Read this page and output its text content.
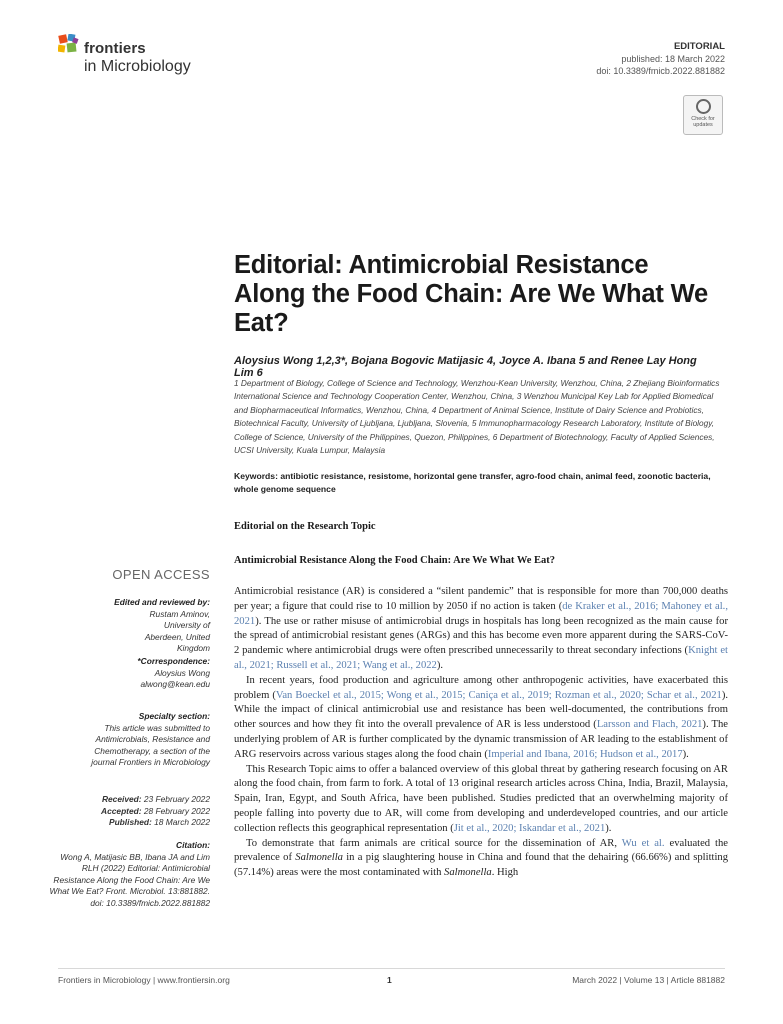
frontiers
in Microbiology
EDITORIAL
published: 18 March 2022
doi: 10.3389/fmicb.2022.881882
Check for updates
Editorial: Antimicrobial Resistance Along the Food Chain: Are We What We Eat?
Aloysius Wong 1,2,3*, Bojana Bogovic Matijasic 4, Joyce A. Ibana 5 and Renee Lay Hong Lim 6
1 Department of Biology, College of Science and Technology, Wenzhou-Kean University, Wenzhou, China, 2 Zhejiang Bioinformatics International Science and Technology Cooperation Center, Wenzhou, China, 3 Wenzhou Municipal Key Lab for Applied Biomedical and Biopharmaceutical Informatics, Wenzhou, China, 4 Department of Animal Science, Institute of Dairy Science and Probiotics, Biotechnical Faculty, University of Ljubljana, Ljubljana, Slovenia, 5 Immunopharmacology Research Laboratory, Institute of Biology, College of Science, University of the Philippines, Quezon, Philippines, 6 Department of Biotechnology, Faculty of Applied Sciences, UCSI University, Kuala Lumpur, Malaysia
Keywords: antibiotic resistance, resistome, horizontal gene transfer, agro-food chain, animal feed, zoonotic bacteria, whole genome sequence
Editorial on the Research Topic
Antimicrobial Resistance Along the Food Chain: Are We What We Eat?
OPEN ACCESS
Edited and reviewed by:
Rustam Aminov, University of Aberdeen, United Kingdom
*Correspondence:
Aloysius Wong
alwong@kean.edu
Specialty section:
This article was submitted to Antimicrobials, Resistance and Chemotherapy, a section of the journal Frontiers in Microbiology
Received: 23 February 2022
Accepted: 28 February 2022
Published: 18 March 2022
Citation:
Wong A, Matijasic BB, Ibana JA and Lim RLH (2022) Editorial: Antimicrobial Resistance Along the Food Chain: Are We What We Eat? Front. Microbiol. 13:881882. doi: 10.3389/fmicb.2022.881882

Antimicrobial resistance (AR) is considered a “silent pandemic” that is responsible for more than 700,000 deaths per year; a figure that could rise to 10 million by 2050 if no action is taken (de Kraker et al., 2016; Mahoney et al., 2021). The use or rather misuse of antimicrobial drugs in hospitals has long been recognized as the main cause for the spread of antimicrobial resistant genes (ARGs) and this has become even more apparent during the SARS-CoV-2 pandemic where antimicrobial drugs were often prescribed unnecessarily to threat secondary infections (Knight et al., 2021; Russell et al., 2021; Wang et al., 2022).

In recent years, food production and agriculture among other anthropogenic activities, have exacerbated this problem (Van Boeckel et al., 2015; Wong et al., 2015; Caniça et al., 2019; Rozman et al., 2020; Schar et al., 2021). While the impact of clinical antimicrobial use and resistance has been well-documented, the contributions from other sources and how they fit into the overall prevalence of AR is less understood (Larsson and Flach, 2021). The underlying problem of AR is further complicated by the dynamic transmission of AR leading to the establishment of ARG reservoirs across various stages along the food chain (Imperial and Ibana, 2016; Hudson et al., 2017).

This Research Topic aims to offer a balanced overview of this global threat by gathering research focusing on AR along the food chain, from farm to fork. A total of 13 original research articles across China, India, Brazil, Malaysia, Spain, Iran, Egypt, and South Africa, have been published. Studies predicted that an overwhelming majority of people falling into poverty due to AR, will come from developing and underdeveloped countries, and our article collection reflects this geographical representation (Jit et al., 2020; Iskandar et al., 2021).

To demonstrate that farm animals are critical source for the dissemination of AR, Wu et al. evaluated the prevalence of Salmonella in a pig slaughtering house in China and found that the dehairing (66.66%) and splitting (57.14%) areas were the most contaminated with Salmonella. High

Frontiers in Microbiology | www.frontiersin.org	1	March 2022 | Volume 13 | Article 881882
